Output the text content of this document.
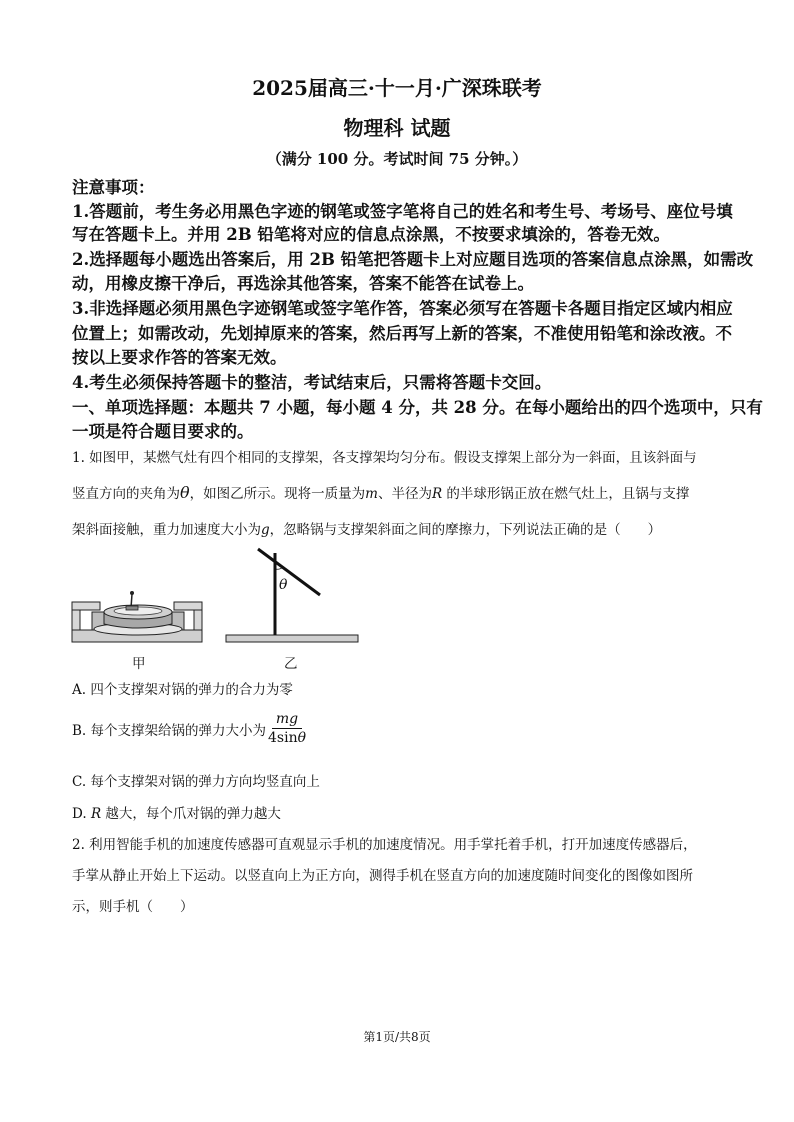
2025届高三·十一月·广深珠联考
物理科 试题
（满分 100 分。考试时间 75 分钟。）
注意事项：
1.答题前，考生务必用黑色字迹的钢笔或签字笔将自己的姓名和考生号、考场号、座位号填
写在答题卡上。并用 2B 铅笔将对应的信息点涂黑，不按要求填涂的，答卷无效。
2.选择题每小题选出答案后，用 2B 铅笔把答题卡上对应题目选项的答案信息点涂黑，如需改
动，用橡皮擦干净后，再选涂其他答案，答案不能答在试卷上。
3.非选择题必须用黑色字迹钢笔或签字笔作答，答案必须写在答题卡各题目指定区域内相应
位置上；如需改动，先划掉原来的答案，然后再写上新的答案，不准使用铅笔和涂改液。不
按以上要求作答的答案无效。
4.考生必须保持答题卡的整洁，考试结束后，只需将答题卡交回。
一、单项选择题：本题共 7 小题，每小题 4 分，共 28 分。在每小题给出的四个选项中，只有
一项是符合题目要求的。
1. 如图甲，某燃气灶有四个相同的支撑架，各支撑架均匀分布。假设支撑架上部分为一斜面，且该斜面与
竖直方向的夹角为θ，如图乙所示。现将一质量为m、半径为R 的半球形锅正放在燃气灶上，且锅与支撑
架斜面接触，重力加速度大小为g，忽略锅与支撑架斜面之间的摩擦力，下列说法正确的是（　　）
甲
θ
乙
A. 四个支撑架对锅的弹力的合力为零
B. 每个支撑架给锅的弹力大小为 $\frac{mg}{4\sin\theta}$
C. 每个支撑架对锅的弹力方向均竖直向上
D. R 越大，每个爪对锅的弹力越大
2. 利用智能手机的加速度传感器可直观显示手机的加速度情况。用手掌托着手机，打开加速度传感器后，
手掌从静止开始上下运动。以竖直向上为正方向，测得手机在竖直方向的加速度随时间变化的图像如图所
示，则手机（　　）
第1页/共8页
